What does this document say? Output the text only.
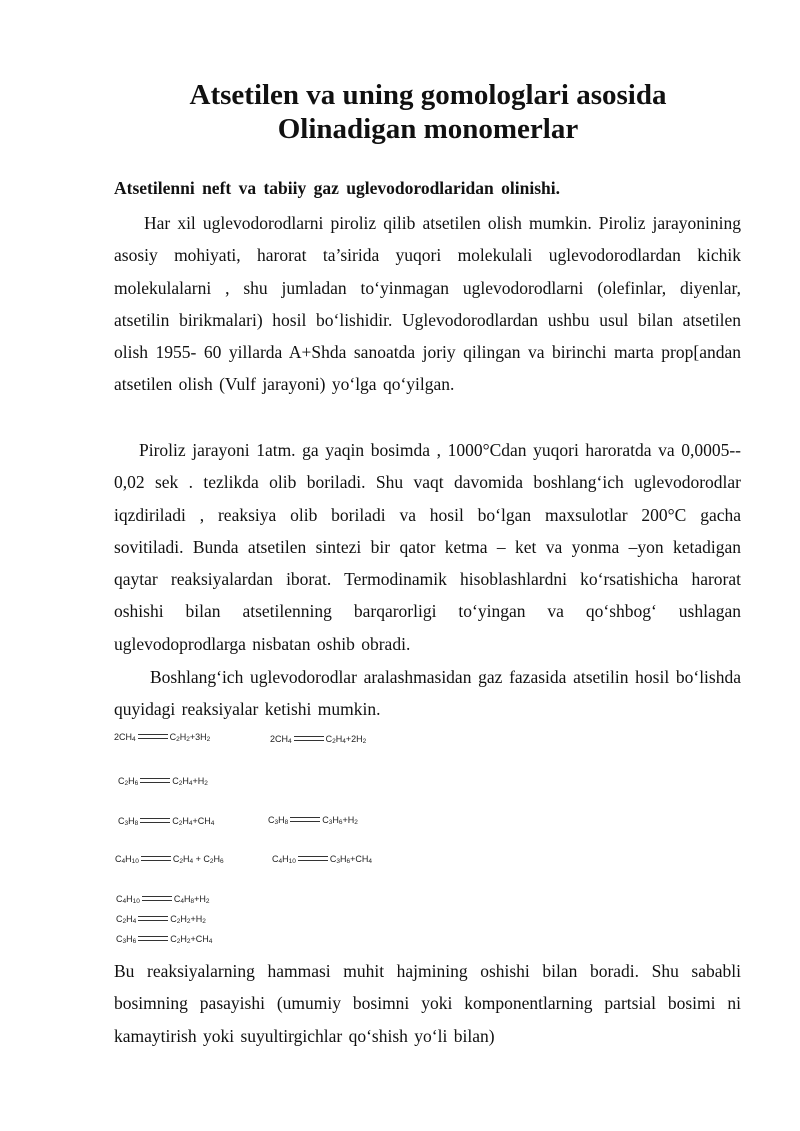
Atsetilen va uning gomologlari asosida
Olinadigan monomerlar
Atsetilenni neft va tabiiy gaz uglevodorodlaridan olinishi.
Har xil uglevodorodlarni piroliz qilib atsetilen olish mumkin. Piroliz jarayonining asosiy mohiyati, harorat ta’sirida yuqori molekulali uglevodorodlardan kichik molekulalarni , shu jumladan to‘yinmagan uglevodorodlarni (olefinlar, diyenlar, atsetilin birikmalari) hosil bo‘lishidir. Uglevodorodlardan ushbu usul bilan atsetilen olish 1955- 60 yillarda A+Shda sanoatda joriy qilingan va birinchi marta prop[andan atsetilen olish (Vulf jarayoni) yo‘lga qo‘yilgan.
Piroliz jarayoni 1atm. ga yaqin bosimda , 1000°Cdan yuqori haroratda va 0,0005-- 0,02 sek . tezlikda olib boriladi. Shu vaqt davomida boshlang‘ich uglevodorodlar iqzdiriladi , reaksiya olib boriladi va hosil bo‘lgan maxsulotlar 200°C gacha sovitiladi. Bunda atsetilen sintezi bir qator ketma – ket va yonma –yon ketadigan qaytar reaksiyalardan iborat. Termodinamik hisoblashlardni ko‘rsatishicha harorat oshishi bilan atsetilenning barqarorligi to‘yingan va qo‘shbog‘ ushlagan uglevodoprodlarga nisbatan oshib obradi.
Boshlang‘ich uglevodorodlar aralashmasidan gaz fazasida atsetilin hosil bo‘lishda quyidagi reaksiyalar ketishi mumkin.
$2CH_4$	$C_2H_2+3H_2$	$2CH_4$	$C_2H_4+2H_2$
$C_2H_6$	$C_2H_4+H_2$
$C_3H_8$	$C_2H_4+CH_4$	$C_3H_8$	$C_3H_6+H_2$
$C_4H_{10}$	$C_2H_4 + C_2H_6$	$C_4H_{10}$	$C_3H_6+CH_4$
$C_4H_{10}$	$C_4H_8+H_2$
$C_2H_4$	$C_2H_2+H_2$
$C_3H_6$	$C_2H_2+CH_4$
Bu reaksiyalarning hammasi muhit hajmining oshishi bilan boradi. Shu sababli bosimning pasayishi (umumiy bosimni yoki komponentlarning partsial bosimi ni kamaytirish yoki suyultirgichlar qo‘shish yo‘li bilan)
